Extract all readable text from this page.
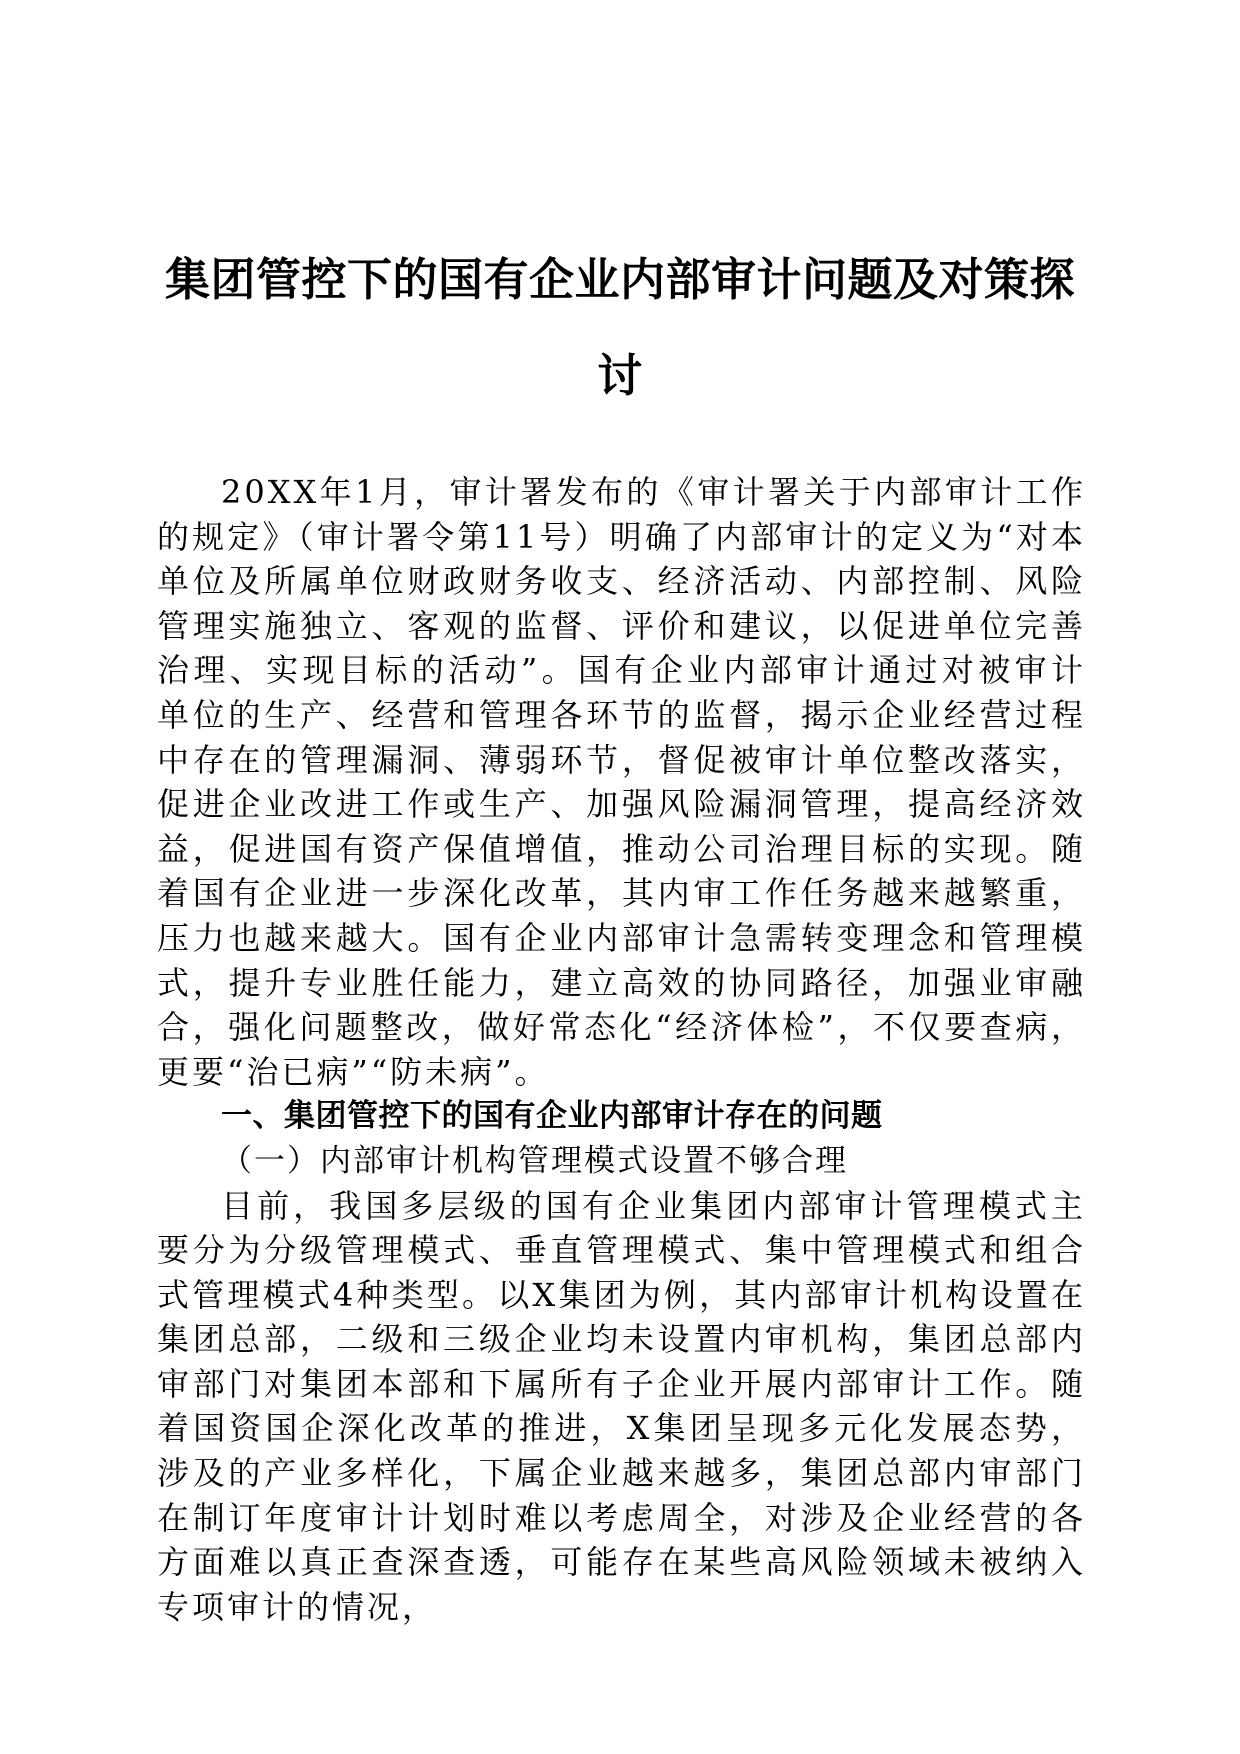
集团管控下的国有企业内部审计问题及对策探讨

20XX年1月，审计署发布的《审计署关于内部审计工作的规定》（审计署令第11号）明确了内部审计的定义为“对本单位及所属单位财政财务收支、经济活动、内部控制、风险管理实施独立、客观的监督、评价和建议，以促进单位完善治理、实现目标的活动”。国有企业内部审计通过对被审计单位的生产、经营和管理各环节的监督，揭示企业经营过程中存在的管理漏洞、薄弱环节，督促被审计单位整改落实，促进企业改进工作或生产、加强风险漏洞管理，提高经济效益，促进国有资产保值增值，推动公司治理目标的实现。随着国有企业进一步深化改革，其内审工作任务越来越繁重，压力也越来越大。国有企业内部审计急需转变理念和管理模式，提升专业胜任能力，建立高效的协同路径，加强业审融合，强化问题整改，做好常态化“经济体检”，不仅要查病，更要“治已病”“防未病”。

一、集团管控下的国有企业内部审计存在的问题

（一）内部审计机构管理模式设置不够合理

目前，我国多层级的国有企业集团内部审计管理模式主要分为分级管理模式、垂直管理模式、集中管理模式和组合式管理模式4种类型。以X集团为例，其内部审计机构设置在集团总部，二级和三级企业均未设置内审机构，集团总部内审部门对集团本部和下属所有子企业开展内部审计工作。随着国资国企深化改革的推进，X集团呈现多元化发展态势，涉及的产业多样化，下属企业越来越多，集团总部内审部门在制订年度审计计划时难以考虑周全，对涉及企业经营的各方面难以真正查深查透，可能存在某些高风险领域未被纳入专项审计的情况，
